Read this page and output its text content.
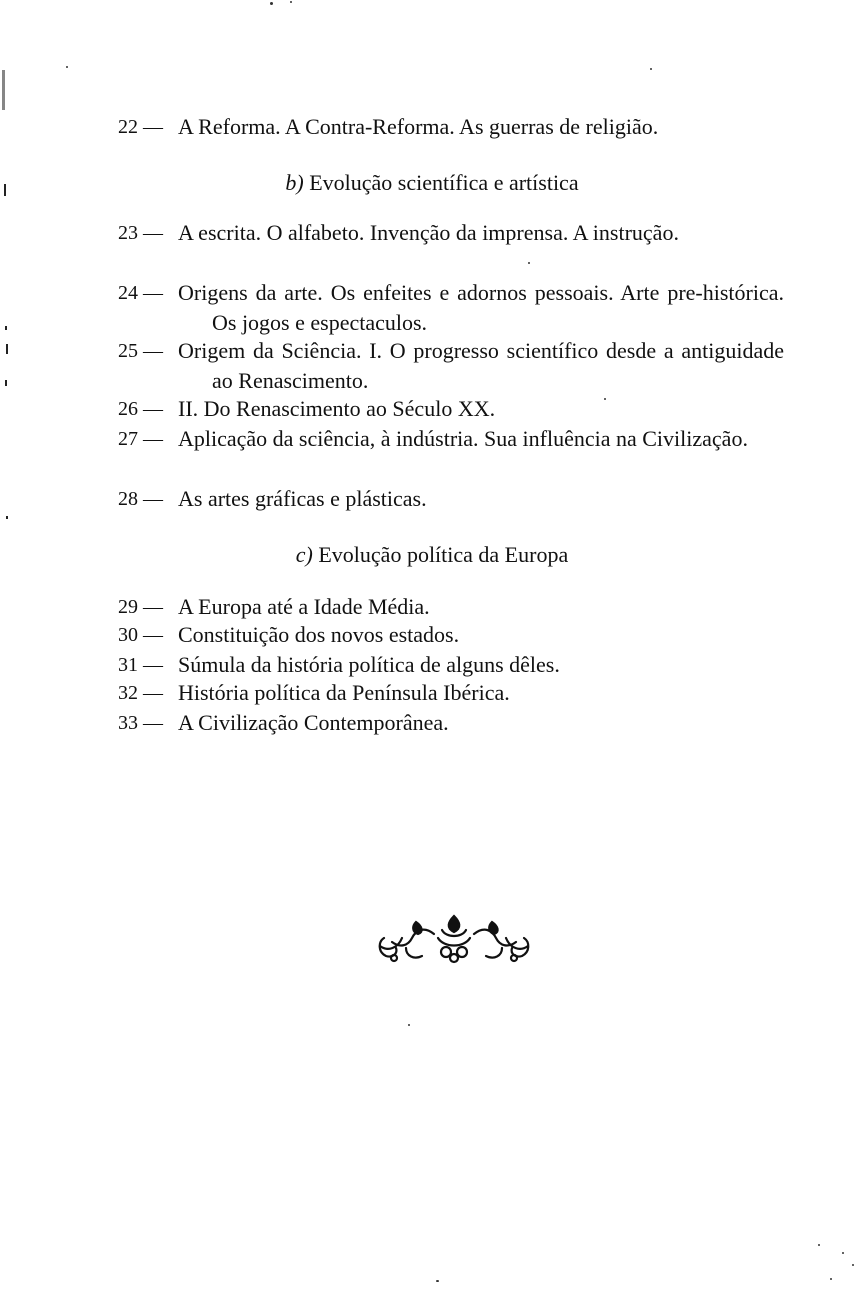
22 — A Reforma. A Contra-Reforma. As guerras de religião.
b) Evolução scientífica e artística
23 — A escrita. O alfabeto. Invenção da imprensa. A instrução.
24 — Origens da arte. Os enfeites e adornos pessoais. Arte pre-histórica. Os jogos e espectaculos.
25 — Origem da Sciência. I. O progresso scientífico desde a antiguidade ao Renascimento.
26 — II. Do Renascimento ao Século XX.
27 — Aplicação da sciência, à indústria. Sua influência na Civilização.
28 — As artes gráficas e plásticas.
c) Evolução política da Europa
29 — A Europa até a Idade Média.
30 — Constituição dos novos estados.
31 — Súmula da história política de alguns dêles.
32 — História política da Península Ibérica.
33 — A Civilização Contemporânea.
